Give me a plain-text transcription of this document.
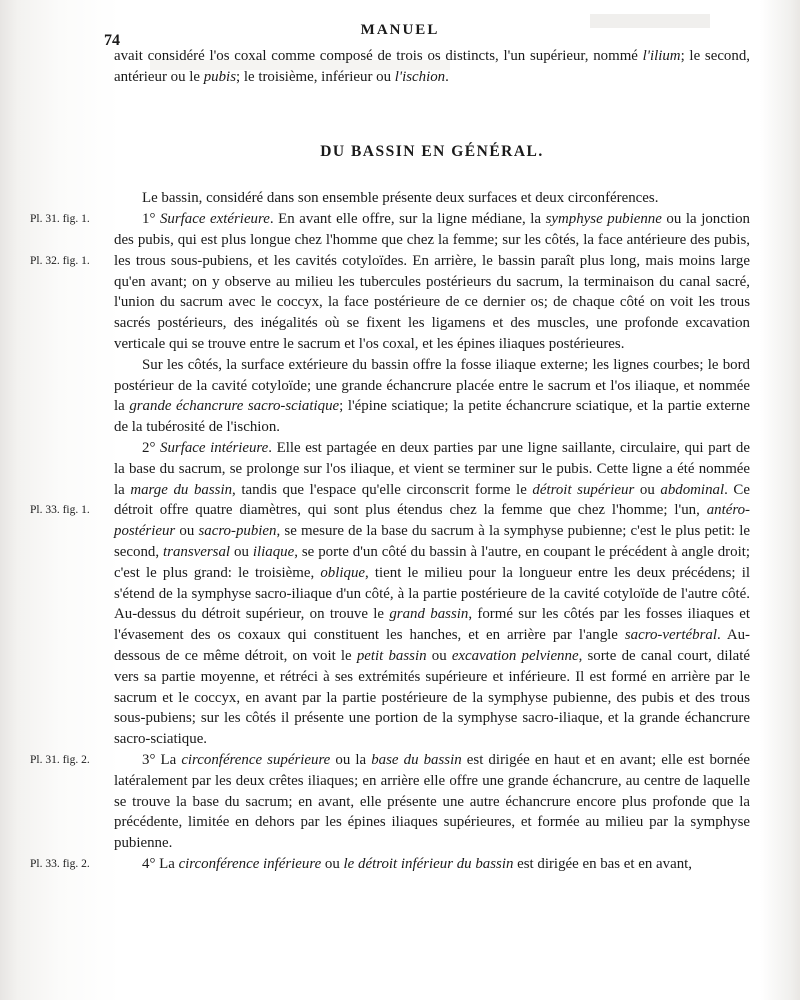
MANUEL
74

avait considéré l'os coxal comme composé de trois os distincts, l'un supérieur, nommé l'ilium; le second, antérieur ou le pubis; le troisième, inférieur ou l'ischion.

DU BASSIN EN GÉNÉRAL.

Le bassin, considéré dans son ensemble présente deux surfaces et deux circonférences.

Pl. 31. fig. 1.	1° Surface extérieure. En avant elle offre, sur la ligne médiane, la symphyse pubienne ou la jonction des pubis, qui est plus longue chez l'homme que chez la femme; sur les côtés, la face antérieure des pubis, les trous sous-pubiens, et les cavités cotyloïdes. En arrière, le bassin paraît plus long, mais moins large qu'en avant; on y observe au milieu les tubercules postérieurs du sacrum, la terminaison du canal sacré, l'union du sacrum avec le coccyx, la face postérieure de ce dernier os; de chaque côté on voit les trous sacrés postérieurs, des inégalités où se fixent les ligamens et des muscles, une profonde excavation verticale qui se trouve entre le sacrum et l'os coxal, et les épines iliaques postérieures.

Pl. 32. fig. 1.
Sur les côtés, la surface extérieure du bassin offre la fosse iliaque externe; les lignes courbes; le bord postérieur de la cavité cotyloïde; une grande échancrure placée entre le sacrum et l'os iliaque, et nommée la grande échancrure sacro-sciatique; l'épine sciatique; la petite échancrure sciatique, et la partie externe de la tubérosité de l'ischion.

Pl. 33. fig. 1.
2° Surface intérieure. Elle est partagée en deux parties par une ligne saillante, circulaire, qui part de la base du sacrum, se prolonge sur l'os iliaque, et vient se terminer sur le pubis. Cette ligne a été nommée la marge du bassin, tandis que l'espace qu'elle circonscrit forme le détroit supérieur ou abdominal. Ce détroit offre quatre diamètres, qui sont plus étendus chez la femme que chez l'homme; l'un, antéro-postérieur ou sacro-pubien, se mesure de la base du sacrum à la symphyse pubienne; c'est le plus petit: le second, transversal ou iliaque, se porte d'un côté du bassin à l'autre, en coupant le précédent à angle droit; c'est le plus grand: le troisième, oblique, tient le milieu pour la longueur entre les deux précédens; il s'étend de la symphyse sacro-iliaque d'un côté, à la partie postérieure de la cavité cotyloïde de l'autre côté. Au-dessus du détroit supérieur, on trouve le grand bassin, formé sur les côtés par les fosses iliaques et l'évasement des os coxaux qui constituent les hanches, et en arrière par l'angle sacro-vertébral. Au-dessous de ce même détroit, on voit le petit bassin ou excavation pelvienne, sorte de canal court, dilaté vers sa partie moyenne, et rétréci à ses extrémités supérieure et inférieure. Il est formé en arrière par le sacrum et le coccyx, en avant par la partie postérieure de la symphyse pubienne, des pubis et des trous sous-pubiens; sur les côtés il présente une portion de la symphyse sacro-iliaque, et la grande échancrure sacro-sciatique.

Pl. 31. fig. 2.	3° La circonférence supérieure ou la base du bassin est dirigée en haut et en avant; elle est bornée latéralement par les deux crêtes iliaques; en arrière elle offre une grande échancrure, au centre de laquelle se trouve la base du sacrum; en avant, elle présente une autre échancrure encore plus profonde que la précédente, limitée en dehors par les épines iliaques supérieures, et formée au milieu par la symphyse pubienne.

Pl. 33. fig. 2.	4° La circonférence inférieure ou le détroit inférieur du bassin est dirigée en bas et en avant,
